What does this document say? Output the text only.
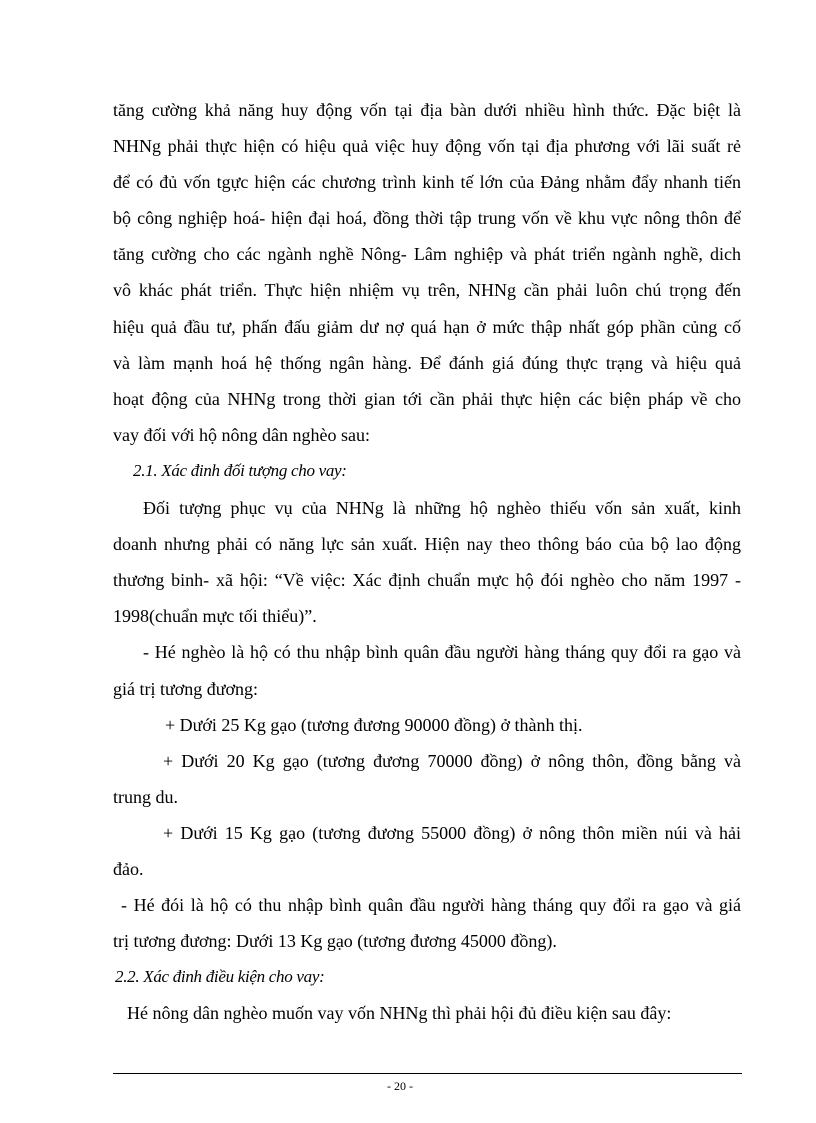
tăng cường khả năng huy động vốn tại địa bàn dưới nhiều hình thức. Đặc biệt là
NHNg phải thực hiện có hiệu quả việc huy động vốn tại địa phương với lãi suất rẻ
để có đủ vốn tgực hiện các chương trình kinh tế lớn của Đảng nhằm đẩy nhanh tiến
bộ công nghiệp hoá- hiện đại hoá, đồng thời tập trung vốn về khu vực nông thôn để
tăng cường cho các ngành nghề Nông- Lâm nghiệp và phát triển ngành nghề, dich
vô khác phát triển. Thực hiện nhiệm vụ trên, NHNg cần phải luôn chú trọng đến
hiệu quả đầu tư, phấn đấu giảm dư nợ quá hạn ở mức thập nhất góp phần củng cố
và làm mạnh hoá hệ thống ngân hàng. Để đánh giá đúng thực trạng và hiệu quả
hoạt động của NHNg trong thời gian tới cần phải thực hiện các biện pháp về cho
vay đối với hộ nông dân nghèo sau:
2.1. Xác đinh đối tượng cho vay:
Đối tượng phục vụ của NHNg là những hộ nghèo thiếu vốn sản xuất, kinh
doanh nhưng phải có năng lực sản xuất. Hiện nay theo thông báo của bộ lao động
thương binh- xã hội: “Về việc: Xác định chuẩn mực hộ đói nghèo cho năm 1997 -
1998(chuẩn mực tối thiểu)”.
- Hé nghèo là hộ có thu nhập bình quân đầu người hàng tháng quy đổi ra gạo và
giá trị tương đương:
+ Dưới 25 Kg gạo (tương đương 90000 đồng) ở thành thị.
+ Dưới 20 Kg gạo (tương đương 70000 đồng) ở nông thôn, đồng bằng và
trung du.
+ Dưới 15 Kg gạo (tương đương 55000 đồng) ở nông thôn miền núi và hải
đảo.
- Hé đói là hộ có thu nhập bình quân đầu người hàng tháng quy đổi ra gạo và giá
trị tương đương: Dưới 13 Kg gạo (tương đương 45000 đồng).
2.2. Xác đinh điều kiện cho vay:
Hé nông dân nghèo muốn vay vốn NHNg thì phải hội đủ điều kiện sau đây:
- 20 -
